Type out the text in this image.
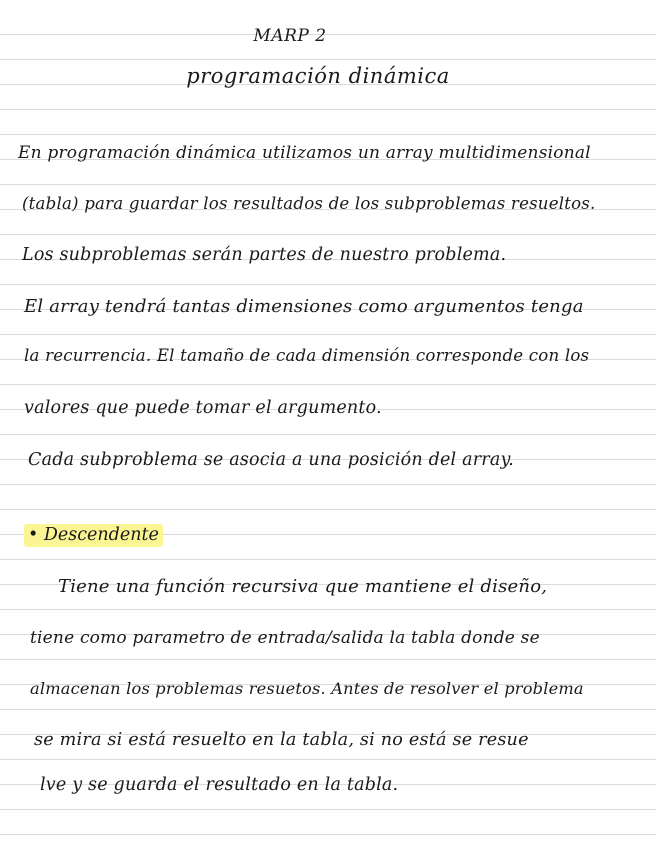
MARP 2
programación dinámica
En programación dinámica utilizamos un array multidimensional
(tabla) para guardar los resultados de los subproblemas resueltos.
Los subproblemas serán partes de nuestro problema.
El array tendrá tantas dimensiones como argumentos tenga
la recurrencia. El tamaño de cada dimensión corresponde con los
valores que puede tomar el argumento.
Cada subproblema se asocia a una posición del array.
• Descendente
Tiene una función recursiva que mantiene el diseño,
tiene como parametro de entrada/salida la tabla donde se
almacenan los problemas resuetos. Antes de resolver el problema
se mira si está resuelto en la tabla, si no está se resue
lve y se guarda el resultado en la tabla.
